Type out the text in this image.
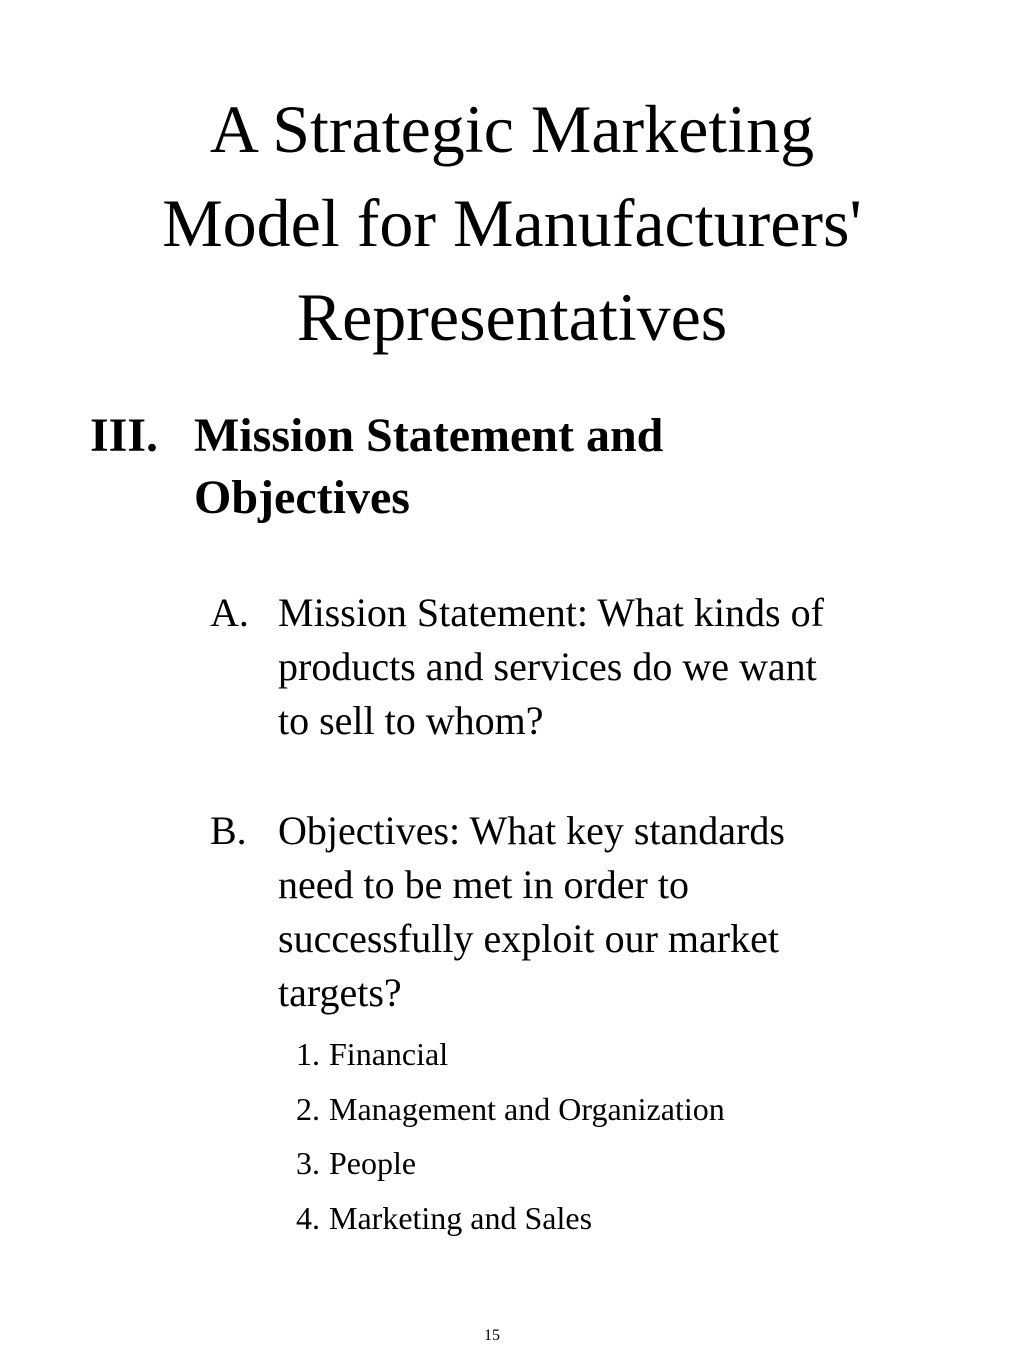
A Strategic Marketing
Model for Manufacturers'
Representatives
III. Mission Statement and
Objectives
A. Mission Statement: What kinds of
products and services do we want
to sell to whom?
B. Objectives: What key standards
need to be met in order to
successfully exploit our market
targets?
1. Financial
2. Management and Organization
3. People
4. Marketing and Sales
15
